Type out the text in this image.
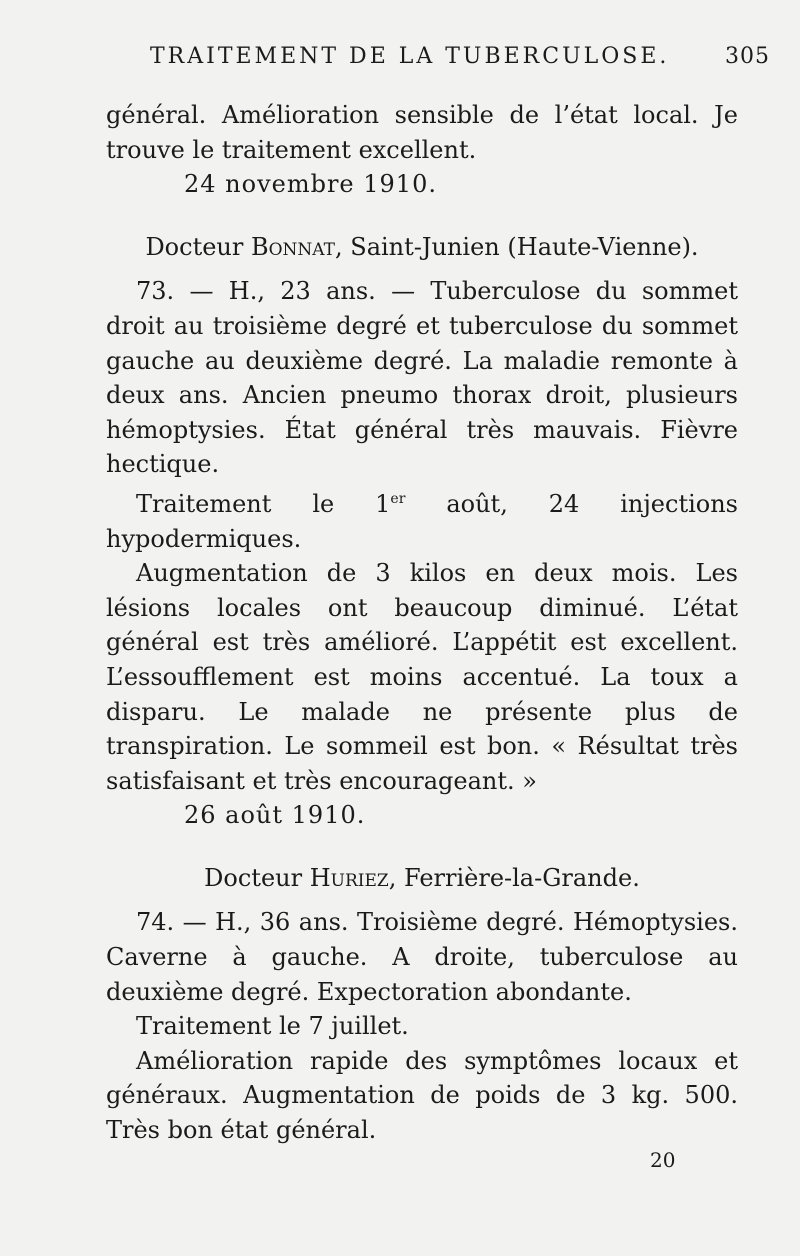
TRAITEMENT DE LA TUBERCULOSE.	305

général. Amélioration sensible de l’état local. Je trouve le traitement excellent.

24 novembre 1910.

Docteur Bonnat, Saint-Junien (Haute-Vienne).

73. — H., 23 ans. — Tuberculose du sommet droit au troisième degré et tuberculose du sommet gauche au deuxième degré. La maladie remonte à deux ans. Ancien pneumo thorax droit, plusieurs hémoptysies. État général très mauvais. Fièvre hectique.

Traitement le 1er août, 24 injections hypodermiques.

Augmentation de 3 kilos en deux mois. Les lésions locales ont beaucoup diminué. L’état général est très amélioré. L’appétit est excellent. L’essoufflement est moins accentué. La toux a disparu. Le malade ne présente plus de transpiration. Le sommeil est bon. « Résultat très satisfaisant et très encourageant. »

26 août 1910.

Docteur Huriez, Ferrière-la-Grande.

74. — H., 36 ans. Troisième degré. Hémoptysies. Caverne à gauche. A droite, tuberculose au deuxième degré. Expectoration abondante.

Traitement le 7 juillet.

Amélioration rapide des symptômes locaux et généraux. Augmentation de poids de 3 kg. 500. Très bon état général.

20
